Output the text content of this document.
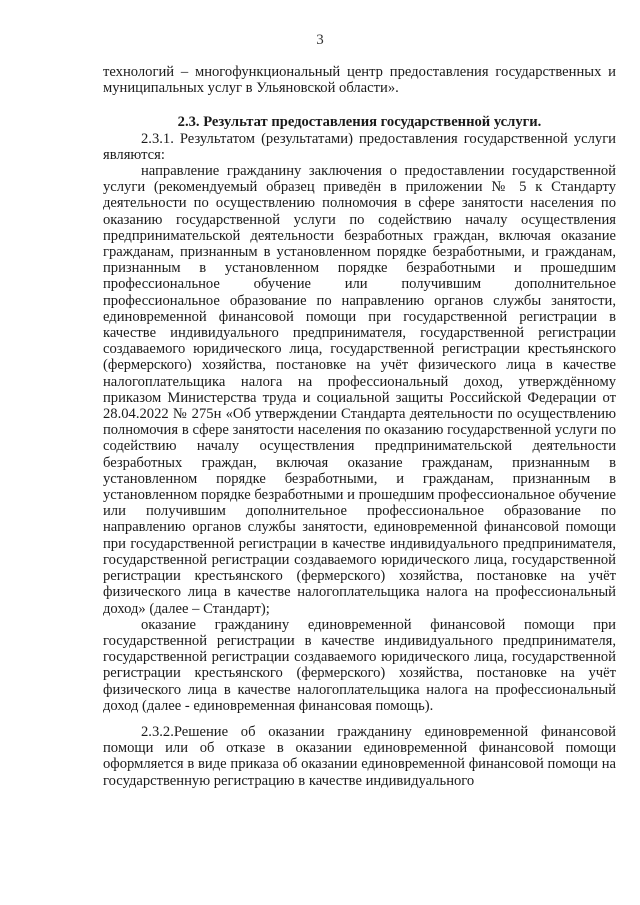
3

технологий – многофункциональный центр предоставления государственных и муниципальных услуг в Ульяновской области».

2.3. Результат предоставления государственной услуги.

2.3.1. Результатом (результатами) предоставления государственной услуги являются:

направление гражданину заключения о предоставлении государственной услуги (рекомендуемый образец приведён в приложении № 5 к Стандарту деятельности по осуществлению полномочия в сфере занятости населения по оказанию государственной услуги по содействию началу осуществления предпринимательской деятельности безработных граждан, включая оказание гражданам, признанным в установленном порядке безработными, и гражданам, признанным в установленном порядке безработными и прошедшим профессиональное обучение или получившим дополнительное профессиональное образование по направлению органов службы занятости, единовременной финансовой помощи при государственной регистрации в качестве индивидуального предпринимателя, государственной регистрации создаваемого юридического лица, государственной регистрации крестьянского (фермерского) хозяйства, постановке на учёт физического лица в качестве налогоплательщика налога на профессиональный доход, утверждённому приказом Министерства труда и социальной защиты Российской Федерации от 28.04.2022 № 275н «Об утверждении Стандарта деятельности по осуществлению полномочия в сфере занятости населения по оказанию государственной услуги по содействию началу осуществления предпринимательской деятельности безработных граждан, включая оказание гражданам, признанным в установленном порядке безработными, и гражданам, признанным в установленном порядке безработными и прошедшим профессиональное обучение или получившим дополнительное профессиональное образование по направлению органов службы занятости, единовременной финансовой помощи при государственной регистрации в качестве индивидуального предпринимателя, государственной регистрации создаваемого юридического лица, государственной регистрации крестьянского (фермерского) хозяйства, постановке на учёт физического лица в качестве налогоплательщика налога на профессиональный доход» (далее – Стандарт);

оказание гражданину единовременной финансовой помощи при государственной регистрации в качестве индивидуального предпринимателя, государственной регистрации создаваемого юридического лица, государственной регистрации крестьянского (фермерского) хозяйства, постановке на учёт физического лица в качестве налогоплательщика налога на профессиональный доход (далее - единовременная финансовая помощь).

2.3.2.Решение об оказании гражданину единовременной финансовой помощи или об отказе в оказании единовременной финансовой помощи оформляется в виде приказа об оказании единовременной финансовой помощи на государственную регистрацию в качестве индивидуального
